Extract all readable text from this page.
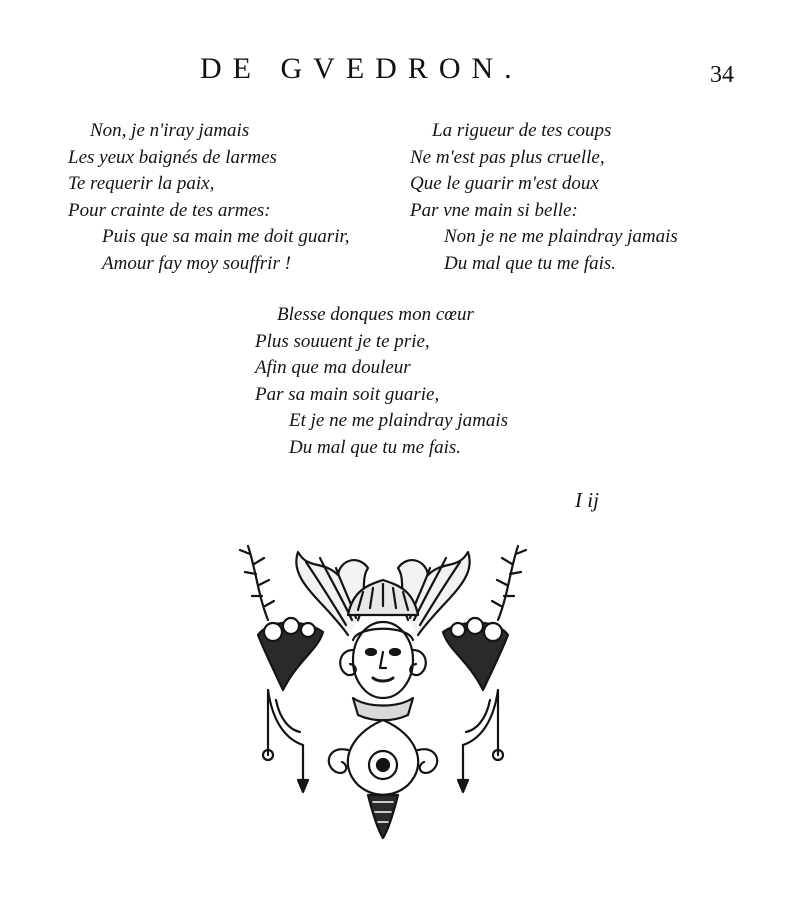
DE GVEDRON.	34
Non, je n'iray jamais
Les yeux baignés de larmes
Te requerir la paix,
Pour crainte de tes armes:
Puis que sa main me doit guarir,
Amour fay moy souffrir !
La rigueur de tes coups
Ne m'est pas plus cruelle,
Que le guarir m'est doux
Par vne main si belle:
Non je ne me plaindray jamais
Du mal que tu me fais.
Blesse donques mon cœur
Plus souuent je te prie,
Afin que ma douleur
Par sa main soit guarie,
Et je ne me plaindray jamais
Du mal que tu me fais.
I ij
